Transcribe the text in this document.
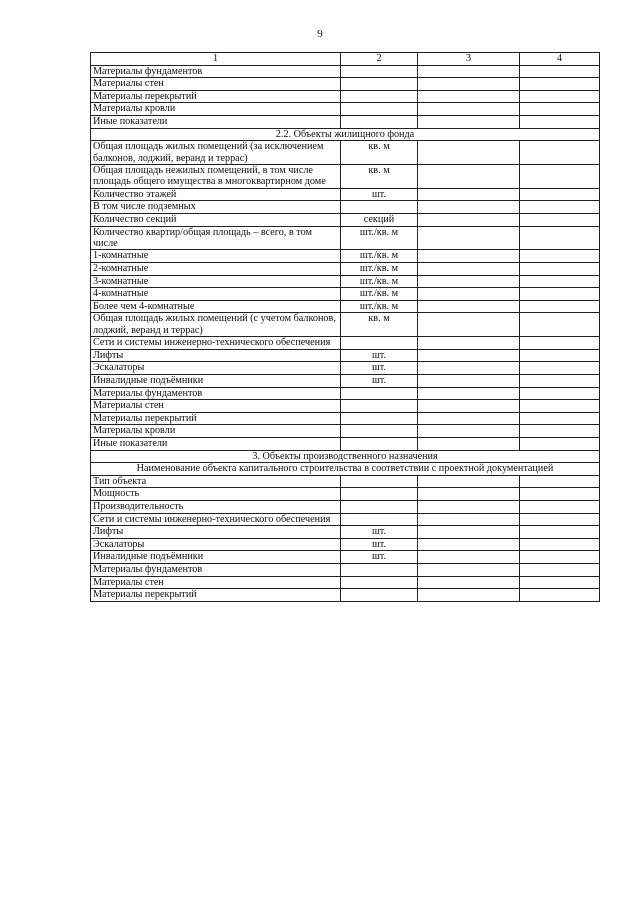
9
1	2	3	4
Материалы фундаментов			
Материалы стен			
Материалы перекрытий			
Материалы кровли			
Иные показатели			
2.2. Объекты жилищного фонда			
Общая площадь жилых помещений (за исключением балконов, лоджий, веранд и террас)	кв. м		
Общая площадь нежилых помещений, в том числе площадь общего имущества в многоквартирном доме	кв. м		
Количество этажей	шт.		
В том числе подземных			
Количество секций	секций		
Количество квартир/общая площадь – всего, в том числе	шт./кв. м		
1-комнатные	шт./кв. м		
2-комнатные	шт./кв. м		
3-комнатные	шт./кв. м		
4-комнатные	шт./кв. м		
Более чем 4-комнатные	шт./кв. м		
Общая площадь жилых помещений (с учетом балконов, лоджий, веранд и террас)	кв. м		
Сети и системы инженерно-технического обеспечения			
Лифты	шт.		
Эскалаторы	шт.		
Инвалидные подъёмники	шт.		
Материалы фундаментов			
Материалы стен			
Материалы перекрытий			
Материалы кровли			
Иные показатели			
3. Объекты производственного назначения			
Наименование объекта капитального строительства в соответствии с проектной документацией			
Тип объекта			
Мощность			
Производительность			
Сети и системы инженерно-технического обеспечения			
Лифты	шт.		
Эскалаторы	шт.		
Инвалидные подъёмники	шт.		
Материалы фундаментов			
Материалы стен			
Материалы перекрытий			
